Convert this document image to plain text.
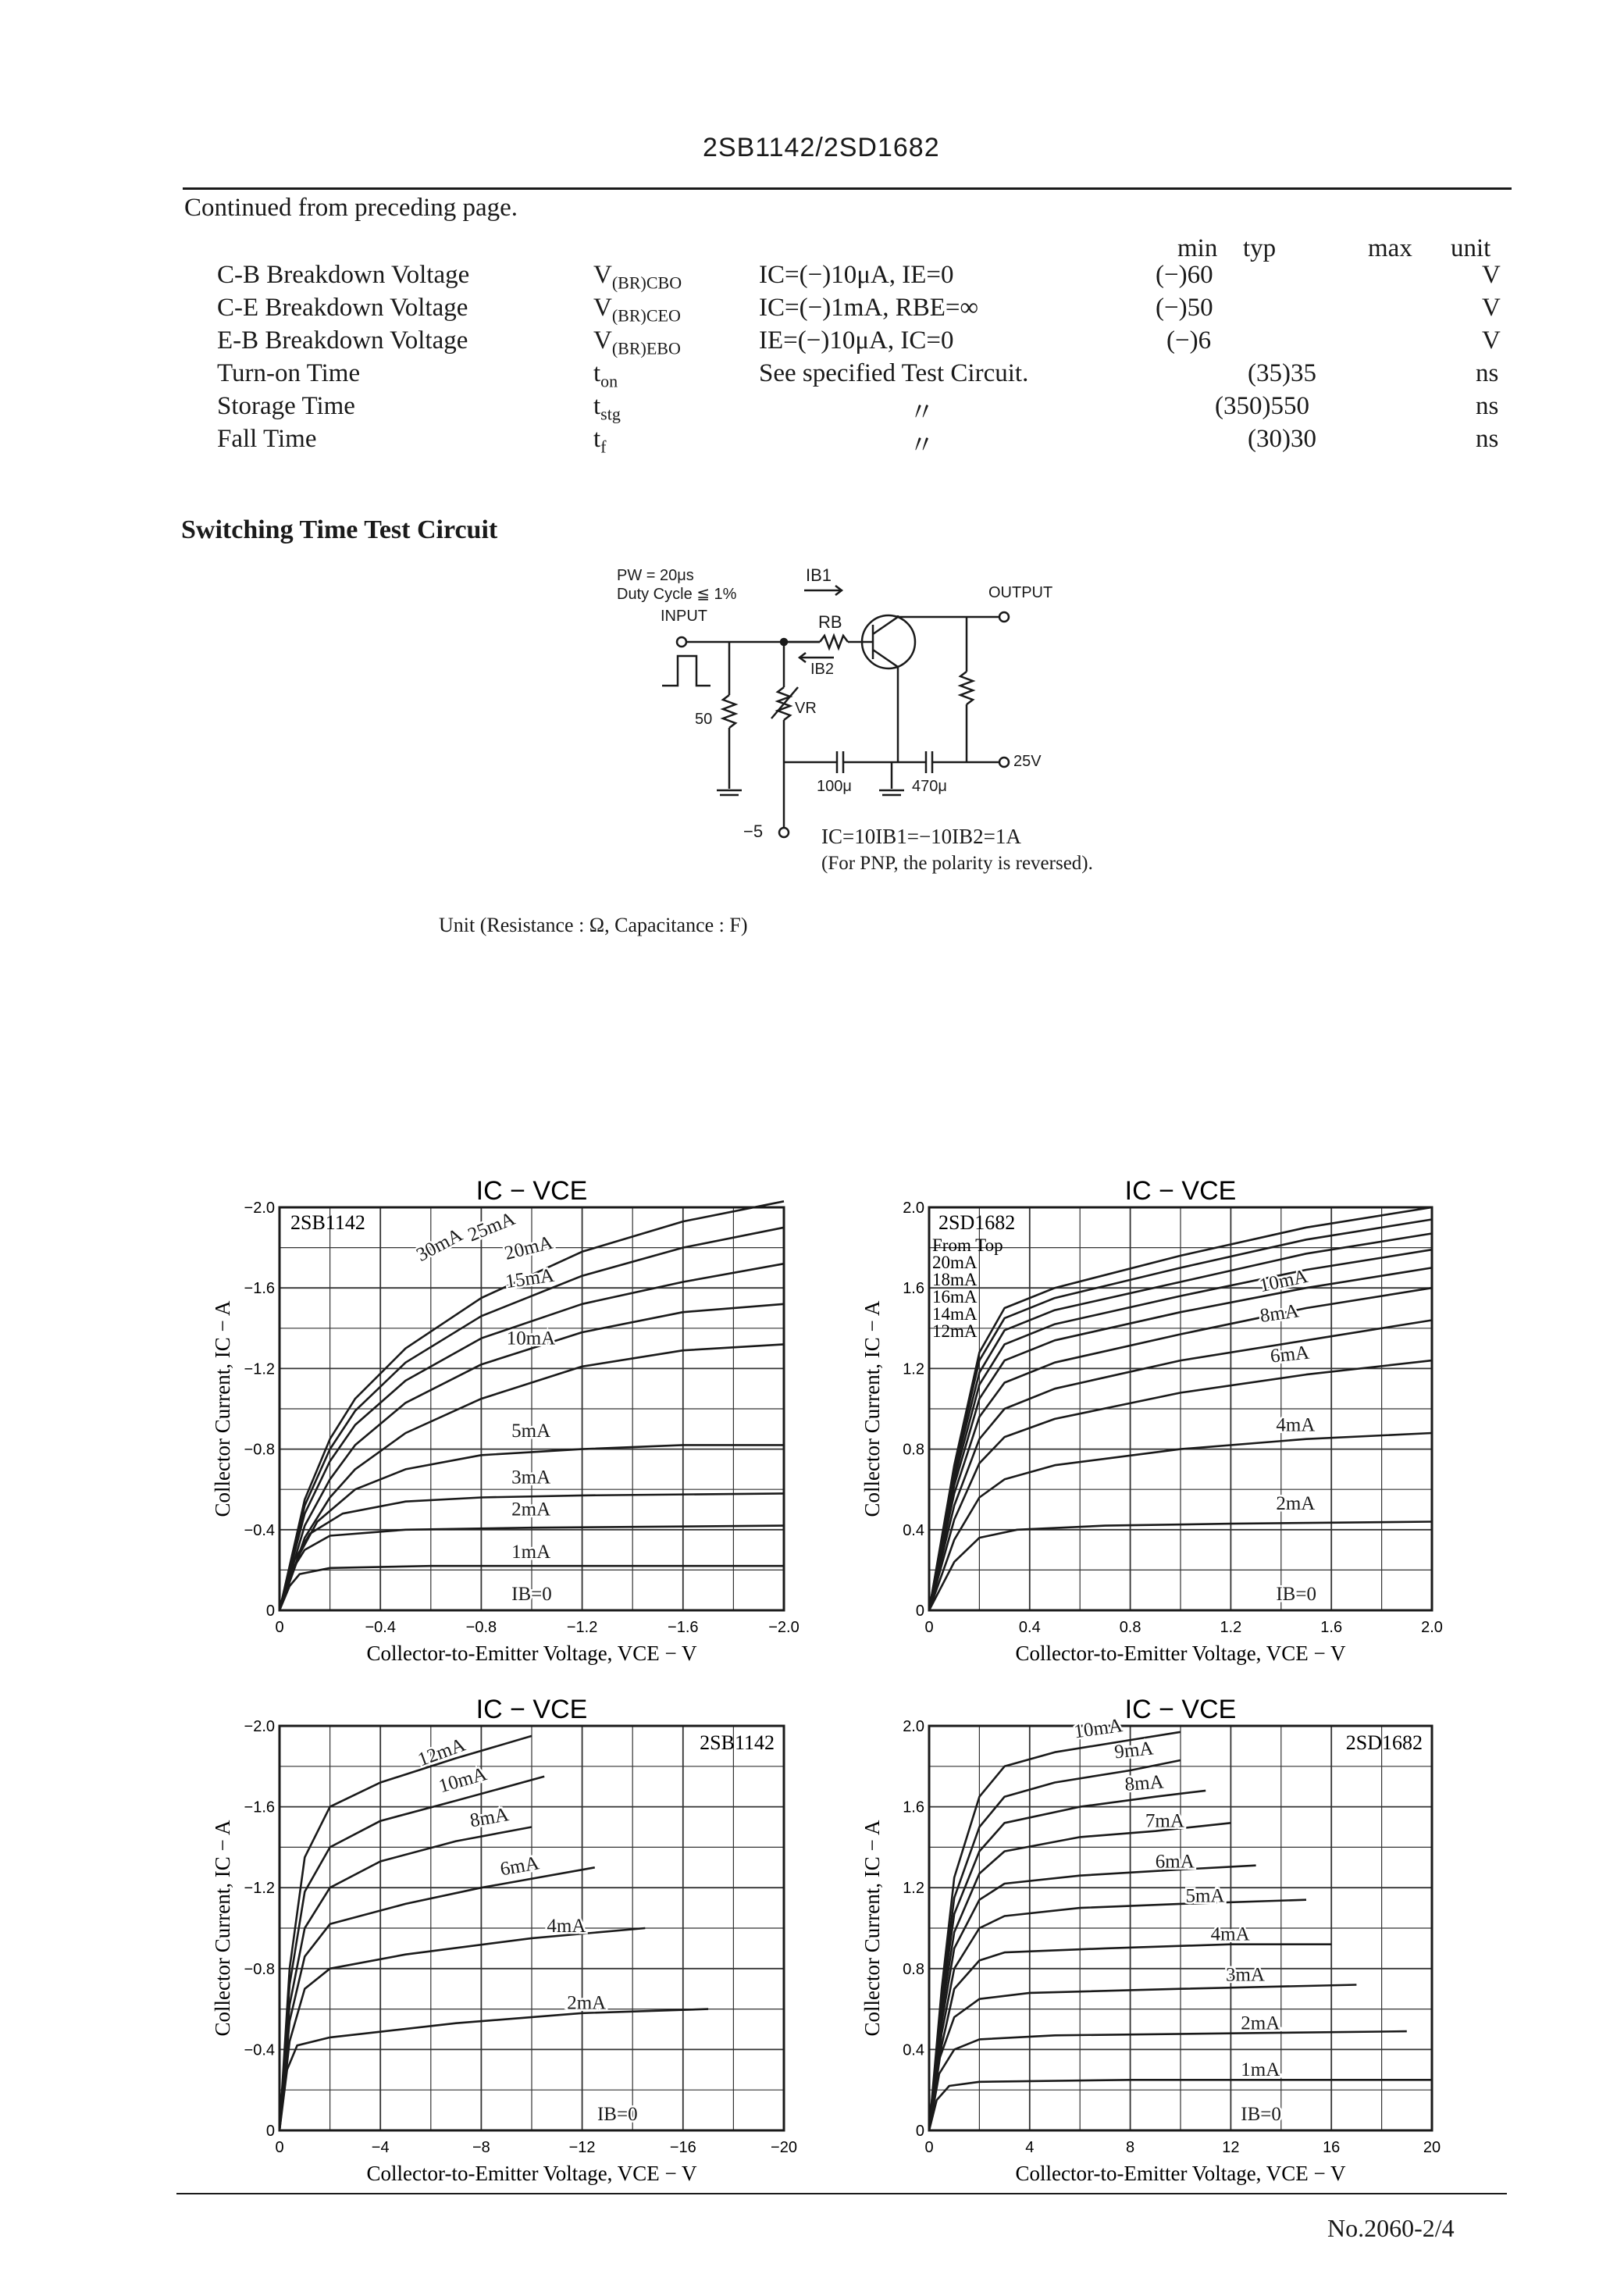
2SB1142/2SD1682
Continued from preceding page.
min typ	max unit
C-B Breakdown Voltage	$V_{(BR)CBO}$	IC=(−)10μA, IE=0	(−)60	V
C-E Breakdown Voltage	$V_{(BR)CEO}$	IC=(−)1mA, RBE=∞	(−)50	V
E-B Breakdown Voltage	$V_{(BR)EBO}$	IE=(−)10μA, IC=0	(−)6	V
Turn-on Time	$t_{on}$	See specified Test Circuit.	(35)35	ns
Storage Time	$t_{stg}$	〃	(350)550	ns
Fall Time	$t_f$	〃	(30)30	ns
Switching Time Test Circuit
PW = 20μs
Duty Cycle ≦ 1%
INPUT
OUTPUT
IB1
RB
IB2
VR
50
25V
−5
100μ	470μ
IC=10IB1=−10IB2=1A
(For PNP, the polarity is reversed).
Unit (Resistance : Ω, Capacitance : F)
IC − VCE
2SB1142
0	−0.4	−0.8	−1.2	−1.6	−2.0
0
−0.4
−0.8
−1.2
−1.6
−2.0
Collector-to-Emitter Voltage, VCE − V
Collector Current, IC − A
30mA
25mA
20mA
15mA
10mA
5mA
3mA
2mA
1mA
IB=0
IC − VCE
2SD1682
0	0.4	0.8	1.2	1.6	2.0
0
0.4
0.8
1.2
1.6
2.0
Collector-to-Emitter Voltage, VCE − V
Collector Current, IC − A
From Top
20mA
18mA
16mA
14mA
12mA
10mA
8mA
6mA
4mA
2mA
IB=0
IC − VCE
2SB1142
0	−4	−8	−12	−16	−20
0
−0.4
−0.8
−1.2
−1.6
−2.0
Collector-to-Emitter Voltage, VCE − V
Collector Current, IC − A
12mA
10mA
8mA
6mA
4mA
2mA
IB=0
IC − VCE
2SD1682
0	4	8	12	16	20
0
0.4
0.8
1.2
1.6
2.0
Collector-to-Emitter Voltage, VCE − V
Collector Current, IC − A
10mA
9mA
8mA
7mA
6mA
5mA
4mA
3mA
2mA
1mA
IB=0
No.2060-2/4
